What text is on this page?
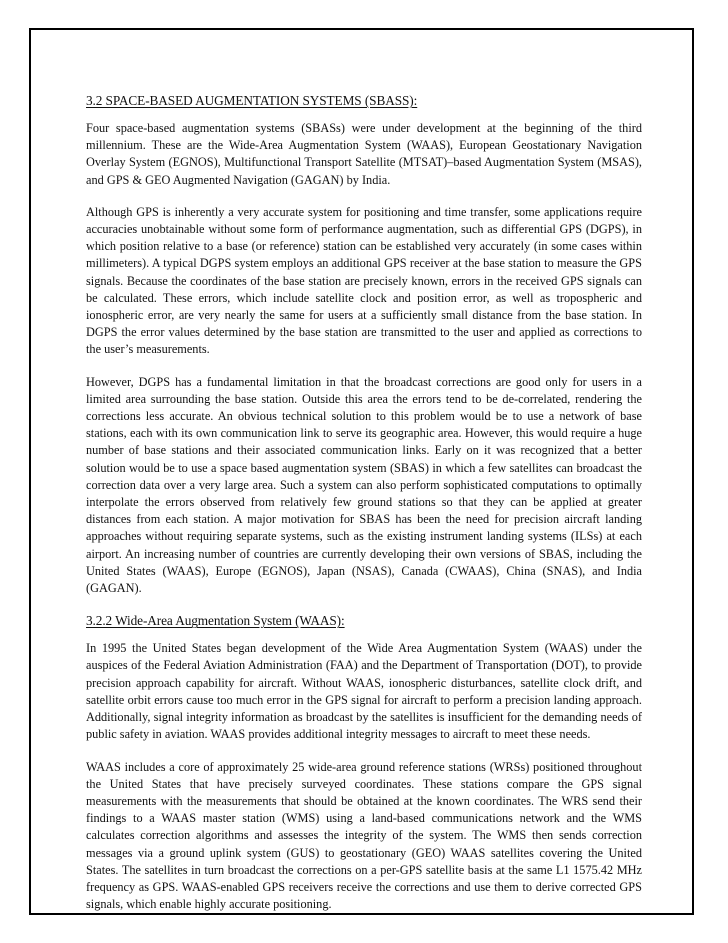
3.2 SPACE-BASED AUGMENTATION SYSTEMS (SBASS):

Four space-based augmentation systems (SBASs) were under development at the beginning of the third millennium. These are the Wide-Area Augmentation System (WAAS), European Geostationary Navigation Overlay System (EGNOS), Multifunctional Transport Satellite (MTSAT)–based Augmentation System (MSAS), and GPS & GEO Augmented Navigation (GAGAN) by India.

Although GPS is inherently a very accurate system for positioning and time transfer, some applications require accuracies unobtainable without some form of performance augmentation, such as differential GPS (DGPS), in which position relative to a base (or reference) station can be established very accurately (in some cases within millimeters). A typical DGPS system employs an additional GPS receiver at the base station to measure the GPS signals. Because the coordinates of the base station are precisely known, errors in the received GPS signals can be calculated. These errors, which include satellite clock and position error, as well as tropospheric and ionospheric error, are very nearly the same for users at a sufficiently small distance from the base station. In DGPS the error values determined by the base station are transmitted to the user and applied as corrections to the user’s measurements.

However, DGPS has a fundamental limitation in that the broadcast corrections are good only for users in a limited area surrounding the base station. Outside this area the errors tend to be de-correlated, rendering the corrections less accurate. An obvious technical solution to this problem would be to use a network of base stations, each with its own communication link to serve its geographic area. However, this would require a huge number of base stations and their associated communication links. Early on it was recognized that a better solution would be to use a space based augmentation system (SBAS) in which a few satellites can broadcast the correction data over a very large area. Such a system can also perform sophisticated computations to optimally interpolate the errors observed from relatively few ground stations so that they can be applied at greater distances from each station. A major motivation for SBAS has been the need for precision aircraft landing approaches without requiring separate systems, such as the existing instrument landing systems (ILSs) at each airport. An increasing number of countries are currently developing their own versions of SBAS, including the United States (WAAS), Europe (EGNOS), Japan (NSAS), Canada (CWAAS), China (SNAS), and India (GAGAN).

3.2.2 Wide-Area Augmentation System (WAAS):

In 1995 the United States began development of the Wide Area Augmentation System (WAAS) under the auspices of the Federal Aviation Administration (FAA) and the Department of Transportation (DOT), to provide precision approach capability for aircraft. Without WAAS, ionospheric disturbances, satellite clock drift, and satellite orbit errors cause too much error in the GPS signal for aircraft to perform a precision landing approach. Additionally, signal integrity information as broadcast by the satellites is insufficient for the demanding needs of public safety in aviation. WAAS provides additional integrity messages to aircraft to meet these needs.

WAAS includes a core of approximately 25 wide-area ground reference stations (WRSs) positioned throughout the United States that have precisely surveyed coordinates. These stations compare the GPS signal measurements with the measurements that should be obtained at the known coordinates. The WRS send their findings to a WAAS master station (WMS) using a land-based communications network and the WMS calculates correction algorithms and assesses the integrity of the system. The WMS then sends correction messages via a ground uplink system (GUS) to geostationary (GEO) WAAS satellites covering the United States. The satellites in turn broadcast the corrections on a per-GPS satellite basis at the same L1 1575.42 MHz frequency as GPS. WAAS-enabled GPS receivers receive the corrections and use them to derive corrected GPS signals, which enable highly accurate positioning.
